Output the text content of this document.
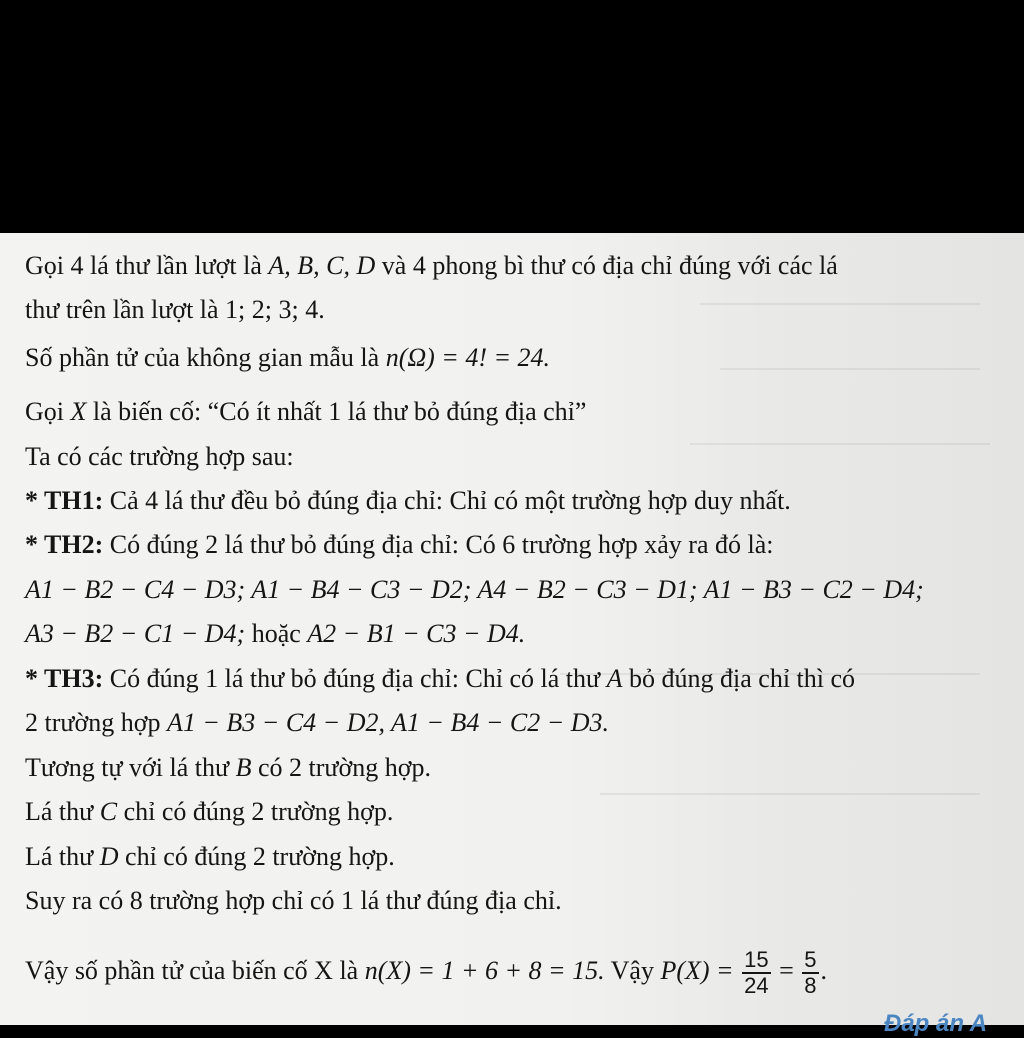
Gọi 4 lá thư lần lượt là A, B, C, D và 4 phong bì thư có địa chỉ đúng với các lá
thư trên lần lượt là 1; 2; 3; 4.
Số phần tử của không gian mẫu là n(Ω) = 4! = 24.
Gọi X là biến cố: “Có ít nhất 1 lá thư bỏ đúng địa chỉ”
Ta có các trường hợp sau:
* TH1: Cả 4 lá thư đều bỏ đúng địa chỉ: Chỉ có một trường hợp duy nhất.
* TH2: Có đúng 2 lá thư bỏ đúng địa chỉ: Có 6 trường hợp xảy ra đó là:
A1 − B2 − C4 − D3; A1 − B4 − C3 − D2; A4 − B2 − C3 − D1; A1 − B3 − C2 − D4;
A3 − B2 − C1 − D4; hoặc A2 − B1 − C3 − D4.
* TH3: Có đúng 1 lá thư bỏ đúng địa chỉ: Chỉ có lá thư A bỏ đúng địa chỉ thì có
2 trường hợp A1 − B3 − C4 − D2, A1 − B4 − C2 − D3.
Tương tự với lá thư B có 2 trường hợp.
Lá thư C chỉ có đúng 2 trường hợp.
Lá thư D chỉ có đúng 2 trường hợp.
Suy ra có 8 trường hợp chỉ có 1 lá thư đúng địa chỉ.
Vậy số phần tử của biến cố X là n(X) = 1 + 6 + 8 = 15. Vậy $P(X) = \frac{15}{24} = \frac{5}{8}$ .
Đáp án A
